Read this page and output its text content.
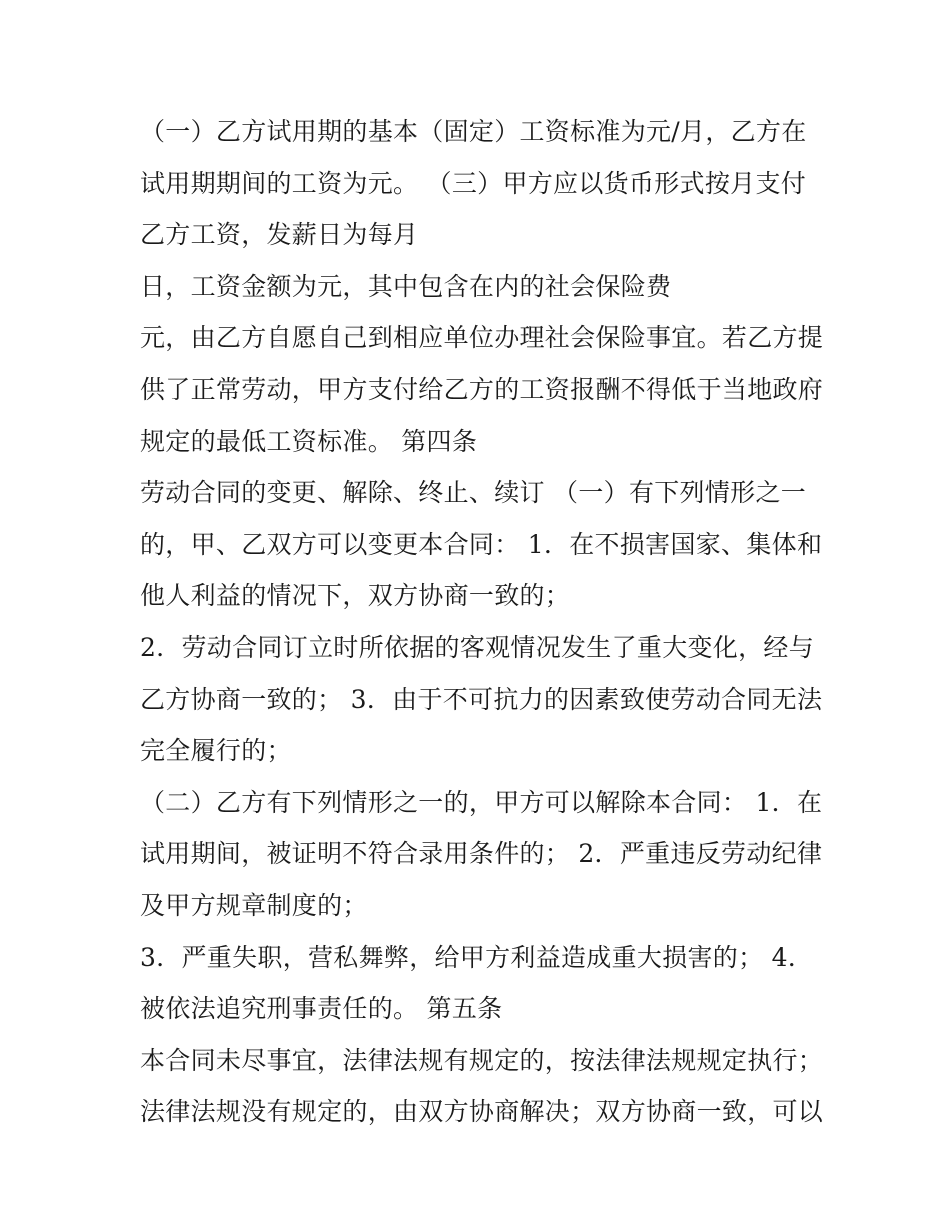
（一）乙方试用期的基本（固定）工资标准为元/月，乙方在
试用期期间的工资为元。 （三）甲方应以货币形式按月支付
乙方工资，发薪日为每月
日，工资金额为元，其中包含在内的社会保险费
元，由乙方自愿自己到相应单位办理社会保险事宜。若乙方提
供了正常劳动，甲方支付给乙方的工资报酬不得低于当地政府
规定的最低工资标准。 第四条
劳动合同的变更、解除、终止、续订 （一）有下列情形之一
的，甲、乙双方可以变更本合同： 1．在不损害国家、集体和
他人利益的情况下，双方协商一致的；
2．劳动合同订立时所依据的客观情况发生了重大变化，经与
乙方协商一致的； 3．由于不可抗力的因素致使劳动合同无法
完全履行的；
（二）乙方有下列情形之一的，甲方可以解除本合同： 1．在
试用期间，被证明不符合录用条件的； 2．严重违反劳动纪律
及甲方规章制度的；
3．严重失职，营私舞弊，给甲方利益造成重大损害的； 4．
被依法追究刑事责任的。 第五条
本合同未尽事宜，法律法规有规定的，按法律法规规定执行；
法律法规没有规定的，由双方协商解决；双方协商一致，可以
